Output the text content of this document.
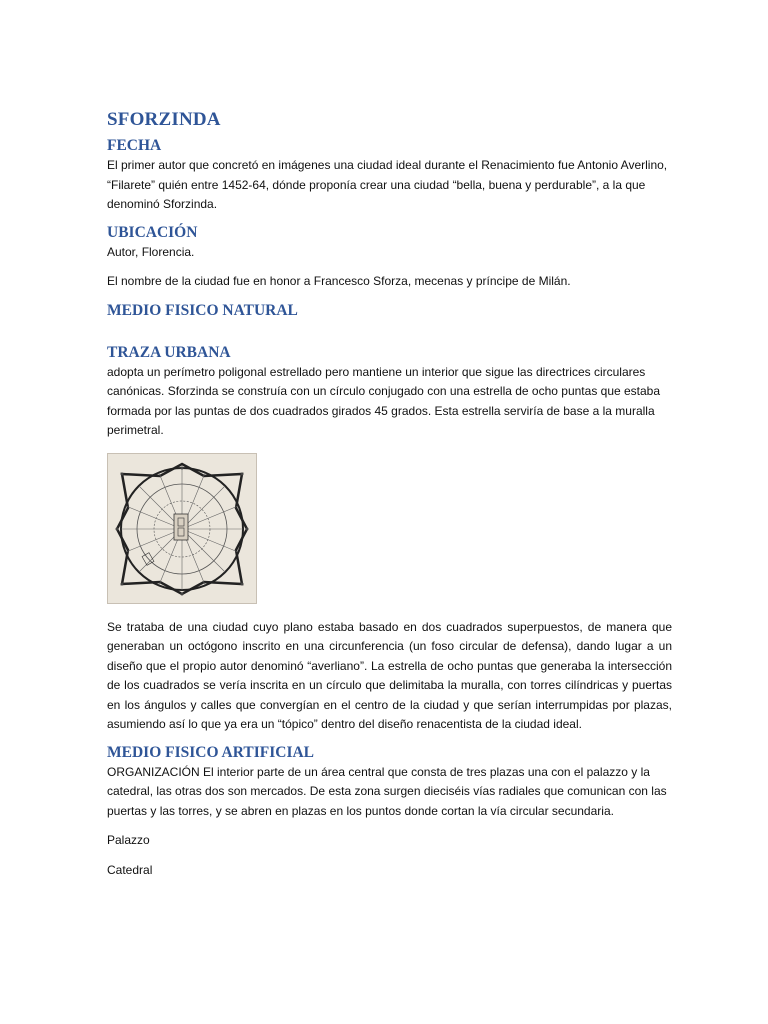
SFORZINDA
FECHA

El primer autor que concretó en imágenes una ciudad ideal durante el Renacimiento fue Antonio Averlino, “Filarete” quién entre 1452-64, dónde proponía crear una ciudad “bella, buena y perdurable”, a la que denominó Sforzinda.

UBICACIÓN

Autor, Florencia.

El nombre de la ciudad fue en honor a Francesco Sforza, mecenas y príncipe de Milán.

MEDIO FISICO NATURAL
TRAZA URBANA

adopta un perímetro poligonal estrellado pero mantiene un interior que sigue las directrices circulares canónicas. Sforzinda se construía con un círculo conjugado con una estrella de ocho puntas que estaba formada por las puntas de dos cuadrados girados 45 grados. Esta estrella serviría de base a la muralla perimetral.

Se trataba de una ciudad cuyo plano estaba basado en dos cuadrados superpuestos, de manera que generaban un octógono inscrito en una circunferencia (un foso circular de defensa), dando lugar a un diseño que el propio autor denominó “averliano”. La estrella de ocho puntas que generaba la intersección de los cuadrados se vería inscrita en un círculo que delimitaba la muralla, con torres cilíndricas y puertas en los ángulos y calles que convergían en el centro de la ciudad y que serían interrumpidas por plazas, asumiendo así lo que ya era un “tópico” dentro del diseño renacentista de la ciudad ideal.

MEDIO FISICO ARTIFICIAL

ORGANIZACIÓN El interior parte de un área central que consta de tres plazas una con el palazzo y la catedral, las otras dos son mercados. De esta zona surgen dieciséis vías radiales que comunican con las puertas y las torres, y se abren en plazas en los puntos donde cortan la vía circular secundaria.

Palazzo

Catedral
